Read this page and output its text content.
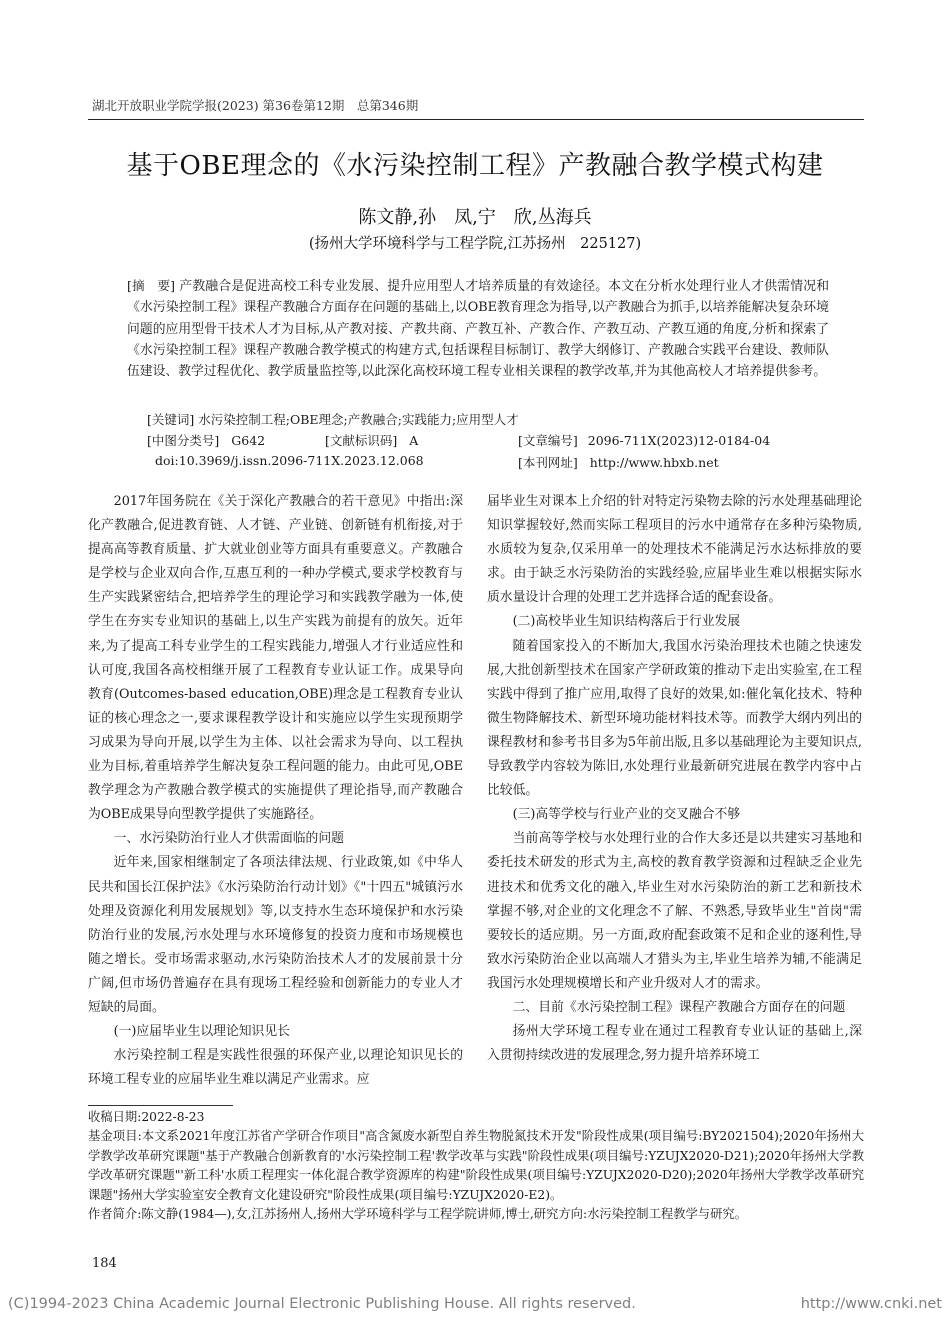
湖北开放职业学院学报(2023) 第36卷第12期　总第346期
基于OBE理念的《水污染控制工程》产教融合教学模式构建
陈文静,孙　凤,宁　欣,丛海兵
(扬州大学环境科学与工程学院,江苏扬州　225127)
[摘　要] 产教融合是促进高校工科专业发展、提升应用型人才培养质量的有效途径。本文在分析水处理行业人才供需情况和《水污染控制工程》课程产教融合方面存在问题的基础上,以OBE教育理念为指导,以产教融合为抓手,以培养能解决复杂环境问题的应用型骨干技术人才为目标,从产教对接、产教共商、产教互补、产教合作、产教互动、产教互通的角度,分析和探索了《水污染控制工程》课程产教融合教学模式的构建方式,包括课程目标制订、教学大纲修订、产教融合实践平台建设、教师队伍建设、教学过程优化、教学质量监控等,以此深化高校环境工程专业相关课程的教学改革,并为其他高校人才培养提供参考。
[关键词] 水污染控制工程;OBE理念;产教融合;实践能力;应用型人才
[中图分类号] G642	[文献标识码] A	[文章编号] 2096-711X(2023)12-0184-04
doi:10.3969/j.issn.2096-711X.2023.12.068	[本刊网址] http://www.hbxb.net

2017年国务院在《关于深化产教融合的若干意见》中指出:深化产教融合,促进教育链、人才链、产业链、创新链有机衔接,对于提高高等教育质量、扩大就业创业等方面具有重要意义。产教融合是学校与企业双向合作,互惠互利的一种办学模式,要求学校教育与生产实践紧密结合,把培养学生的理论学习和实践教学融为一体,使学生在夯实专业知识的基础上,以生产实践为前提有的放矢。近年来,为了提高工科专业学生的工程实践能力,增强人才行业适应性和认可度,我国各高校相继开展了工程教育专业认证工作。成果导向教育(Outcomes-based education,OBE)理念是工程教育专业认证的核心理念之一,要求课程教学设计和实施应以学生实现预期学习成果为导向开展,以学生为主体、以社会需求为导向、以工程执业为目标,着重培养学生解决复杂工程问题的能力。由此可见,OBE教学理念为产教融合教学模式的实施提供了理论指导,而产教融合为OBE成果导向型教学提供了实施路径。

一、水污染防治行业人才供需面临的问题

近年来,国家相继制定了各项法律法规、行业政策,如《中华人民共和国长江保护法》《水污染防治行动计划》《"十四五"城镇污水处理及资源化利用发展规划》等,以支持水生态环境保护和水污染防治行业的发展,污水处理与水环境修复的投资力度和市场规模也随之增长。受市场需求驱动,水污染防治技术人才的发展前景十分广阔,但市场仍普遍存在具有现场工程经验和创新能力的专业人才短缺的局面。

(一)应届毕业生以理论知识见长

水污染控制工程是实践性很强的环保产业,以理论知识见长的环境工程专业的应届毕业生难以满足产业需求。应

届毕业生对课本上介绍的针对特定污染物去除的污水处理基础理论知识掌握较好,然而实际工程项目的污水中通常存在多种污染物质,水质较为复杂,仅采用单一的处理技术不能满足污水达标排放的要求。由于缺乏水污染防治的实践经验,应届毕业生难以根据实际水质水量设计合理的处理工艺并选择合适的配套设备。

(二)高校毕业生知识结构落后于行业发展

随着国家投入的不断加大,我国水污染治理技术也随之快速发展,大批创新型技术在国家产学研政策的推动下走出实验室,在工程实践中得到了推广应用,取得了良好的效果,如:催化氧化技术、特种微生物降解技术、新型环境功能材料技术等。而教学大纲内列出的课程教材和参考书目多为5年前出版,且多以基础理论为主要知识点,导致教学内容较为陈旧,水处理行业最新研究进展在教学内容中占比较低。

(三)高等学校与行业产业的交叉融合不够

当前高等学校与水处理行业的合作大多还是以共建实习基地和委托技术研发的形式为主,高校的教育教学资源和过程缺乏企业先进技术和优秀文化的融入,毕业生对水污染防治的新工艺和新技术掌握不够,对企业的文化理念不了解、不熟悉,导致毕业生"首岗"需要较长的适应期。另一方面,政府配套政策不足和企业的逐利性,导致水污染防治企业以高端人才猎头为主,毕业生培养为辅,不能满足我国污水处理规模增长和产业升级对人才的需求。

二、目前《水污染控制工程》课程产教融合方面存在的问题

扬州大学环境工程专业在通过工程教育专业认证的基础上,深入贯彻持续改进的发展理念,努力提升培养环境工

收稿日期:2022-8-23

基金项目:本文系2021年度江苏省产学研合作项目"高含氮废水新型自养生物脱氮技术开发"阶段性成果(项目编号:BY2021504);2020年扬州大学教学改革研究课题"基于产教融合创新教育的'水污染控制工程'教学改革与实践"阶段性成果(项目编号:YZUJX2020-D21);2020年扬州大学教学改革研究课题"'新工科'水质工程理实一体化混合教学资源库的构建"阶段性成果(项目编号:YZUJX2020-D20);2020年扬州大学教学改革研究课题"扬州大学实验室安全教育文化建设研究"阶段性成果(项目编号:YZUJX2020-E2)。

作者简介:陈文静(1984—),女,江苏扬州人,扬州大学环境科学与工程学院讲师,博士,研究方向:水污染控制工程教学与研究。

184
(C)1994-2023 China Academic Journal Electronic Publishing House. All rights reserved.	http://www.cnki.net
